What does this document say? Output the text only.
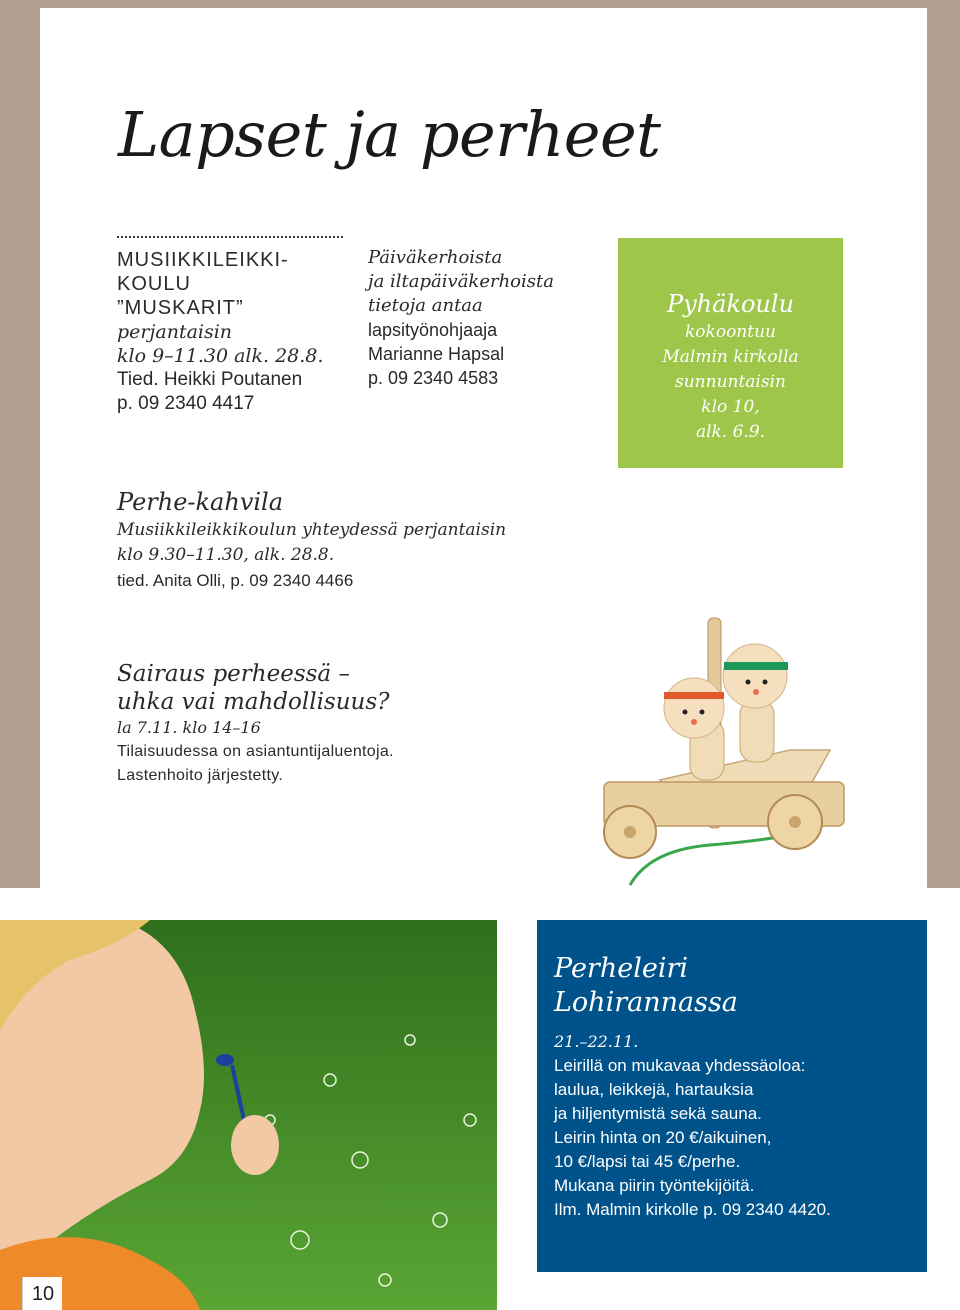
Lapset ja perheet
MUSIIKKILEIKKI-
KOULU
”MUSKARIT”
perjantaisin
klo 9–11.30 alk. 28.8.
Tied. Heikki Poutanen
p. 09 2340 4417
Päiväkerhoista
ja iltapäiväkerhoista
tietoja antaa
lapsityönohjaaja
Marianne Hapsal
p. 09 2340 4583
Pyhäkoulu
kokoontuu
Malmin kirkolla
sunnuntaisin
klo 10,
alk. 6.9.
Perhe-kahvila
Musiikkileikkikoulun yhteydessä perjantaisin
klo 9.30–11.30, alk. 28.8.
tied. Anita Olli, p. 09 2340 4466
Sairaus perheessä –
uhka vai mahdollisuus?
la 7.11. klo 14–16
Tilaisuudessa on asiantuntijaluentoja.
Lastenhoito järjestetty.
Perheleiri
Lohirannassa
21.–22.11.
Leirillä on mukavaa yhdessäoloa:
laulua, leikkejä, hartauksia
ja hiljentymistä sekä sauna.
Leirin hinta on 20 €/aikuinen,
10 €/lapsi tai 45 €/perhe.
Mukana piirin työntekijöitä.
Ilm. Malmin kirkolle p. 09 2340 4420.
10
